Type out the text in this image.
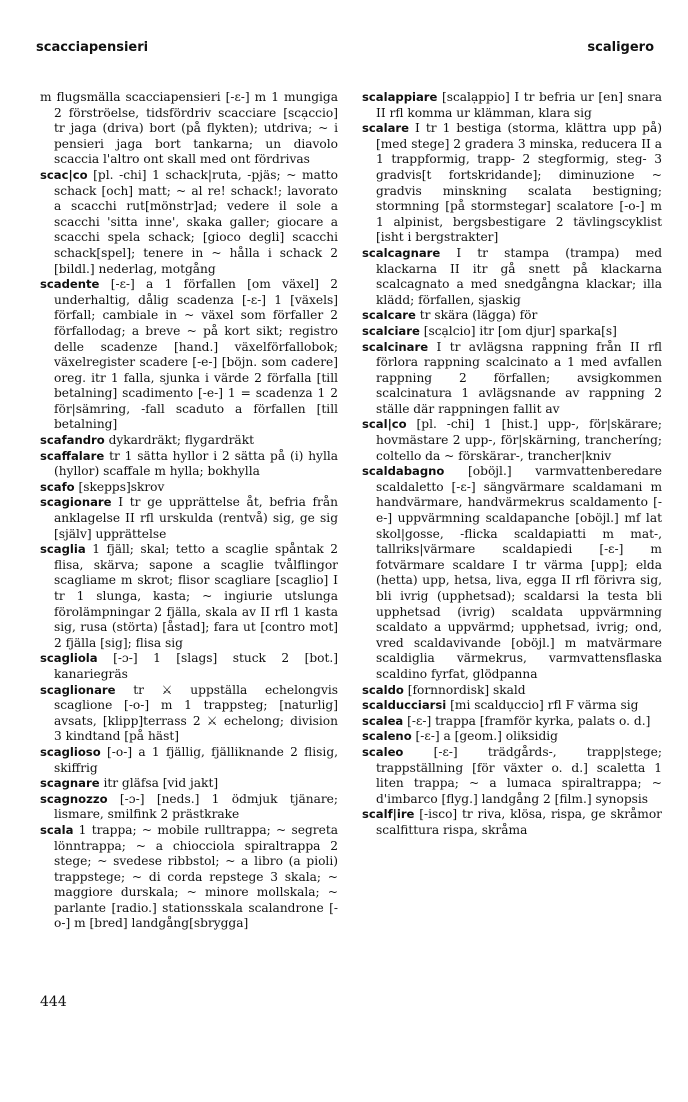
scacciapensieri	scaligero

m flugsmälla scacciapensieri [-ɛ-] m 1 mungiga 2 förströelse, tidsfördriv scacciare [scạccio] tr jaga (driva) bort (på flykten); utdriva; ~ i pensieri jaga bort tankarna; un diavolo scaccia l'altro ont skall med ont fördrivas

scac|co [pl. -chi] 1 schack|ruta, -pjäs; ~ matto schack [och] matt; ~ al re! schack!; lavorato a scacchi rut[mönstr]ad; vedere il sole a scacchi 'sitta inne', skaka galler; giocare a scacchi spela schack; [gioco degli] scacchi schack[spel]; tenere in ~ hålla i schack 2 [bildl.] nederlag, motgång

scadente [-ɛ-] a 1 förfallen [om växel] 2 underhaltig, dålig scadenza [-ɛ-] 1 [växels] förfall; cambiale in ~ växel som förfaller 2 förfallodag; a breve ~ på kort sikt; registro delle scadenze [hand.] växelförfallobok; växelregister scadere [-e-] [böjn. som cadere] oreg. itr 1 falla, sjunka i värde 2 förfalla [till betalning] scadimento [-e-] 1 = scadenza 1 2 för|sämring, -fall scaduto a förfallen [till betalning]

scafandro dykardräkt; flygardräkt

scaffalare tr 1 sätta hyllor i 2 sätta på (i) hylla (hyllor) scaffale m hylla; bokhylla

scafo [skepps]skrov

scagionare I tr ge upprättelse åt, befria från anklagelse II rfl urskulda (rentvå) sig, ge sig [själv] upprättelse

scaglia 1 fjäll; skal; tetto a scaglie spåntak 2 flisa, skärva; sapone a scaglie tvålflingor scagliame m skrot; flisor scagliare [scaglio] I tr 1 slunga, kasta; ~ ingiurie utslunga förolämpningar 2 fjälla, skala av II rfl 1 kasta sig, rusa (störta) [åstad]; fara ut [contro mot] 2 fjälla [sig]; flisa sig

scagliola [-ɔ-] 1 [slags] stuck 2 [bot.] kanariegräs

scaglionare tr ⚔ uppställa echelongvis scaglione [-o-] m 1 trappsteg; [naturlig] avsats, [klipp]terrass 2 ⚔ echelong; division 3 kindtand [på häst]

scaglioso [-o-] a 1 fjällig, fjälliknande 2 flisig, skiffrig

scagnare itr gläfsa [vid jakt]

scagnozzo [-ɔ-] [neds.] 1 ödmjuk tjänare; lismare, smilfink 2 prästkrake

scala 1 trappa; ~ mobile rulltrappa; ~ segreta lönntrappa; ~ a chiocciola spiraltrappa 2 stege; ~ svedese ribbstol; ~ a libro (a pioli) trappstege; ~ di corda repstege 3 skala; ~ maggiore durskala; ~ minore mollskala; ~ parlante [radio.] stationsskala scalandrone [-o-] m [bred] landgång[sbrygga]

scalappiare [scalạppio] I tr befria ur [en] snara II rfl komma ur klämman, klara sig

scalare I tr 1 bestiga (storma, klättra upp på) [med stege] 2 gradera 3 minska, reducera II a 1 trappformig, trapp- 2 stegformig, steg- 3 gradvis[t fortskridande]; diminuzione ~ gradvis minskning scalata bestigning; stormning [på stormstegar] scalatore [-o-] m 1 alpinist, bergsbestigare 2 tävlingscyklist [isht i bergstrakter]

scalcagnare I tr stampa (trampa) med klackarna II itr gå snett på klackarna scalcagnato a med snedgångna klackar; illa klädd; förfallen, sjaskig

scalcare tr skära (lägga) för

scalciare [scạlcio] itr [om djur] sparka[s]

scalcinare I tr avlägsna rappning från II rfl förlora rappning scalcinato a 1 med avfallen rappning 2 förfallen; avsigkommen scalcinatura 1 avlägsnande av rappning 2 ställe där rappningen fallit av

scal|co [pl. -chi] 1 [hist.] upp-, för|skärare; hovmästare 2 upp-, för|skärning, trancheríng; coltello da ~ förskärar-, trancher|kniv

scaldabagno [oböjl.] varmvattenberedare scaldaletto [-ɛ-] sängvärmare scaldamani m handvärmare, handvärmekrus scaldamento [-e-] uppvärmning scaldapanche [oböjl.] mf lat skol|gosse, -flicka scaldapiatti m mat-, tallriks|värmare scaldapiedi [-ɛ-] m fotvärmare scaldare I tr värma [upp]; elda (hetta) upp, hetsa, liva, egga II rfl förivra sig, bli ivrig (upphetsad); scaldarsi la testa bli upphetsad (ivrig) scaldata uppvärmning scaldato a uppvärmd; upphetsad, ivrig; ond, vred scaldavivande [oböjl.] m matvärmare scaldiglia värmekrus, varmvattensflaska scaldino fyrfat, glödpanna

scaldo [fornnordisk] skald

scalducciarsi [mi scaldụccio] rfl F värma sig

scalea [-ɛ-] trappa [framför kyrka, palats o. d.]

scaleno [-ɛ-] a [geom.] oliksidig

scaleo [-ɛ-] trädgårds-, trapp|stege; trappställning [för växter o. d.] scaletta 1 liten trappa; ~ a lumaca spiraltrappa; ~ d'imbarco [flyg.] landgång 2 [film.] synopsis

scalf|ire [-isco] tr riva, klösa, rispa, ge skråmor scalfittura rispa, skråma

444
